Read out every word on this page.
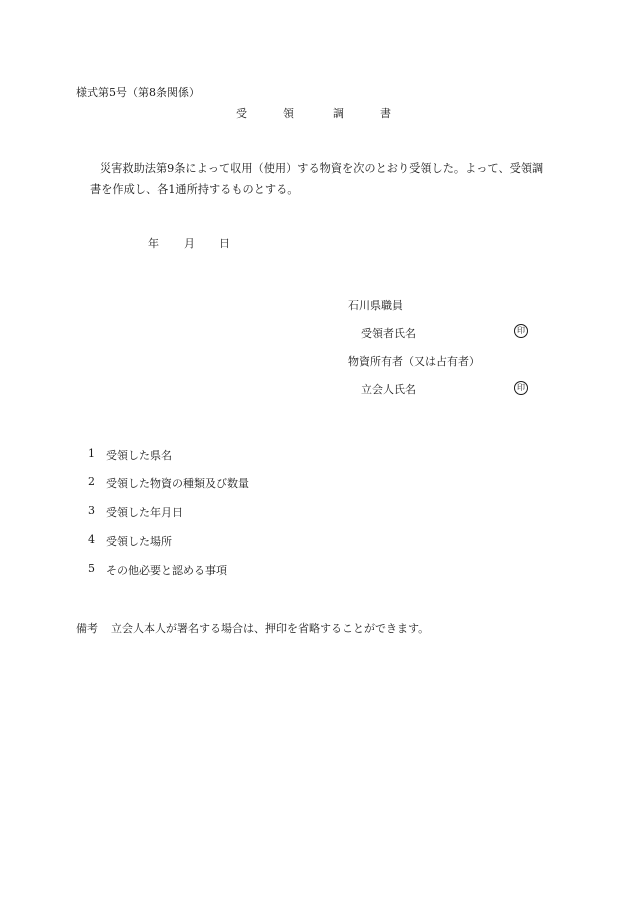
様式第5号（第8条関係）
受	領	調	書
災害救助法第9条によって収用（使用）する物資を次のとおり受領した。よって、受領調
書を作成し、各1通所持するものとする。
年 月 日
石川県職員
受領者氏名	印
物資所有者（又は占有者）
立会人氏名	印
1 受領した県名
2 受領した物資の種類及び数量
3 受領した年月日
4 受領した場所
5 その他必要と認める事項
備考 立会人本人が署名する場合は、押印を省略することができます。
